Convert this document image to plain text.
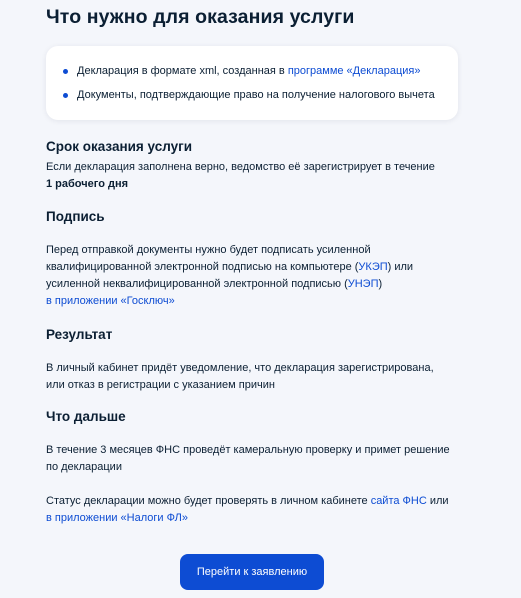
Что нужно для оказания услуги
Декларация в формате xml, созданная в программе «Декларация»
Документы, подтверждающие право на получение налогового вычета
Срок оказания услуги
Если декларация заполнена верно, ведомство её зарегистрирует в течение
1 рабочего дня
Подпись
Перед отправкой документы нужно будет подписать усиленной квалифицированной электронной подписью на компьютере (УКЭП) или усиленной неквалифицированной электронной подписью (УНЭП)
в приложении «Госключ»
Результат
В личный кабинет придёт уведомление, что декларация зарегистрирована, или отказ в регистрации с указанием причин
Что дальше
В течение 3 месяцев ФНС проведёт камеральную проверку и примет решение по декларации
Статус декларации можно будет проверять в личном кабинете сайта ФНС или
в приложении «Налоги ФЛ»
Перейти к заявлению
